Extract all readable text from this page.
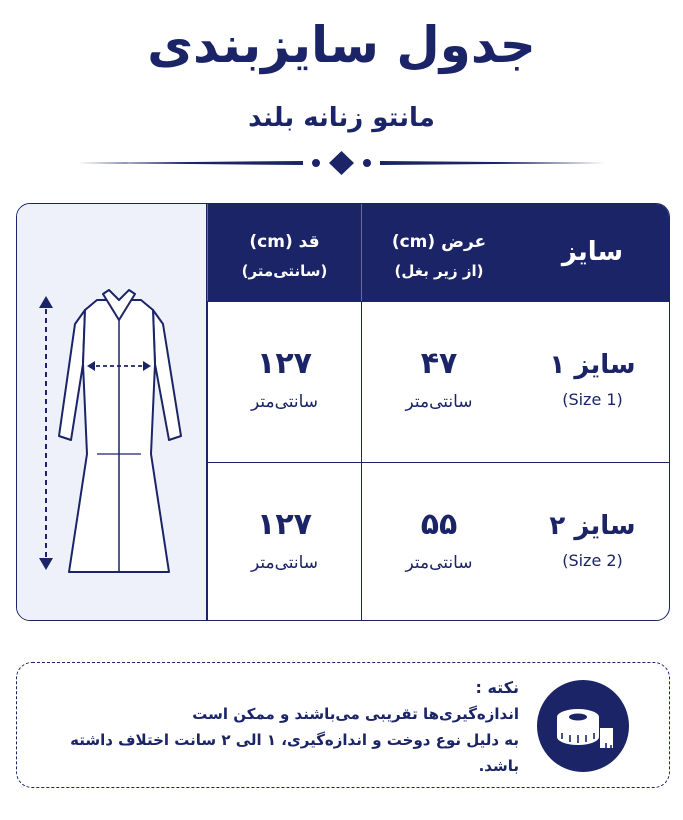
جدول سایزبندی
مانتو زنانه بلند
سایز
عرض (cm)
(از زیر بغل)
قد (cm)
(سانتی‌متر)
سایز ۱
(Size 1)
۴۷
سانتی‌متر
۱۲۷
سانتی‌متر
سایز ۲
(Size 2)
۵۵
سانتی‌متر
۱۲۷
سانتی‌متر
نکته :
اندازه‌گیری‌ها تقریبی می‌باشند و ممکن است
به دلیل نوع دوخت و اندازه‌گیری، ۱ الی ۲ سانت اختلاف داشته باشد.
